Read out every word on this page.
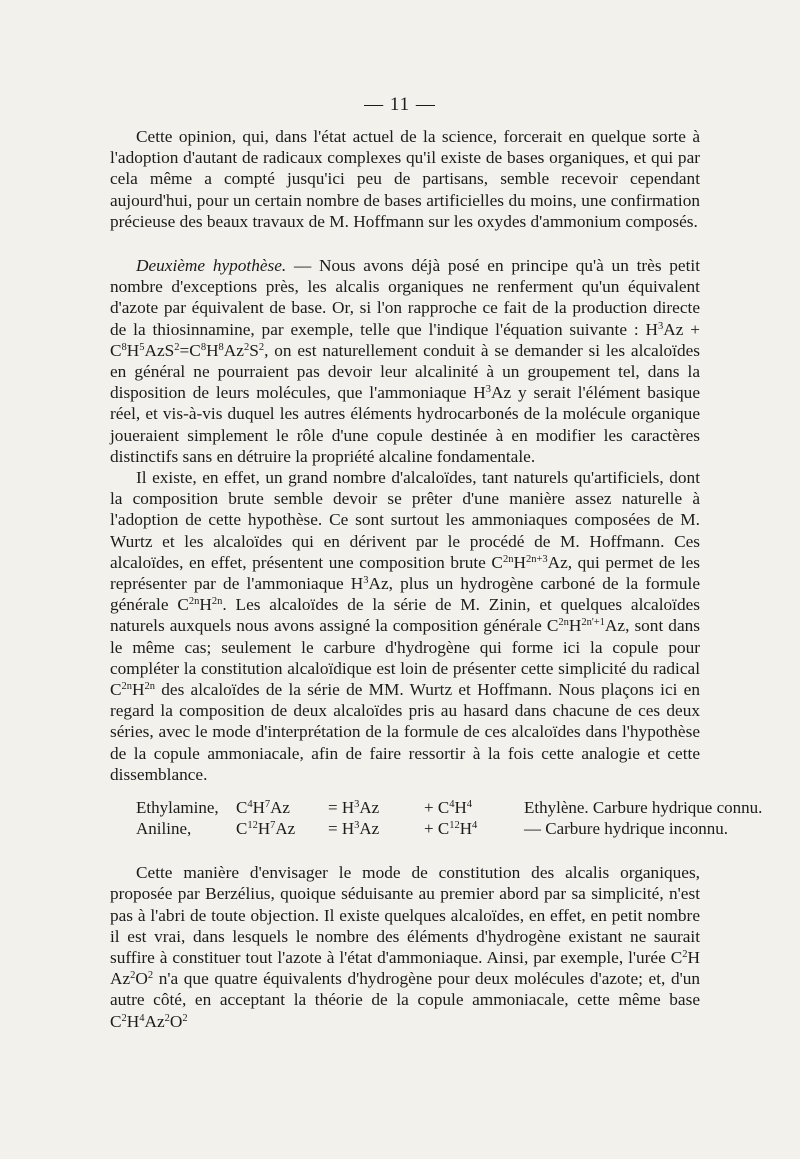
— 11 —

Cette opinion, qui, dans l'état actuel de la science, forcerait en quelque sorte à l'adoption d'autant de radicaux complexes qu'il existe de bases organiques, et qui par cela même a compté jusqu'ici peu de partisans, semble recevoir cependant aujourd'hui, pour un certain nombre de bases artificielles du moins, une confirmation précieuse des beaux travaux de M. Hoffmann sur les oxydes d'ammonium composés.

Deuxième hypothèse. — Nous avons déjà posé en principe qu'à un très petit nombre d'exceptions près, les alcalis organiques ne renferment qu'un équivalent d'azote par équivalent de base. Or, si l'on rapproche ce fait de la production directe de la thiosinnamine, par exemple, telle que l'indique l'équation suivante : $H^3Az + C^8H^5AzS^2=C^8H^8Az^2S^2$, on est naturellement conduit à se demander si les alcaloïdes en général ne pourraient pas devoir leur alcalinité à un groupement tel, dans la disposition de leurs molécules, que l'ammoniaque $H^3Az$ y serait l'élément basique réel, et vis-à-vis duquel les autres éléments hydrocarbonés de la molécule organique joueraient simplement le rôle d'une copule destinée à en modifier les caractères distinctifs sans en détruire la propriété alcaline fondamentale.

Il existe, en effet, un grand nombre d'alcaloïdes, tant naturels qu'artificiels, dont la composition brute semble devoir se prêter d'une manière assez naturelle à l'adoption de cette hypothèse. Ce sont surtout les ammoniaques composées de M. Wurtz et les alcaloïdes qui en dérivent par le procédé de M. Hoffmann. Ces alcaloïdes, en effet, présentent une composition brute $C^{2n}H^{2n+3}Az$, qui permet de les représenter par de l'ammoniaque $H^3Az$, plus un hydrogène carboné de la formule générale $C^{2n}H^{2n}$. Les alcaloïdes de la série de M. Zinin, et quelques alcaloïdes naturels auxquels nous avons assigné la composition générale $C^{2n}H^{2n'+1}Az$, sont dans le même cas; seulement le carbure d'hydrogène qui forme ici la copule pour compléter la constitution alcaloïdique est loin de présenter cette simplicité du radical $C^{2n}H^{2n}$ des alcaloïdes de la série de MM. Wurtz et Hoffmann. Nous plaçons ici en regard la composition de deux alcaloïdes pris au hasard dans chacune de ces deux séries, avec le mode d'interprétation de la formule de ces alcaloïdes dans l'hypothèse de la copule ammoniacale, afin de faire ressortir à la fois cette analogie et cette dissemblance.

Ethylamine,	$C^4H^7Az$	= $H^3Az$	+ $C^4H^4$	Ethylène. Carbure hydrique connu.
Aniline,	$C^{12}H^7Az$	= $H^3Az$	+ $C^{12}H^4$	— Carbure hydrique inconnu.

Cette manière d'envisager le mode de constitution des alcalis organiques, proposée par Berzélius, quoique séduisante au premier abord par sa simplicité, n'est pas à l'abri de toute objection. Il existe quelques alcaloïdes, en effet, en petit nombre il est vrai, dans lesquels le nombre des éléments d'hydrogène existant ne saurait suffire à constituer tout l'azote à l'état d'ammoniaque. Ainsi, par exemple, l'urée $C^2H$ $Az^2O^2$ n'a que quatre équivalents d'hydrogène pour deux molécules d'azote; et, d'un autre côté, en acceptant la théorie de la copule ammoniacale, cette même base $C^2H^4Az^2O^2$
